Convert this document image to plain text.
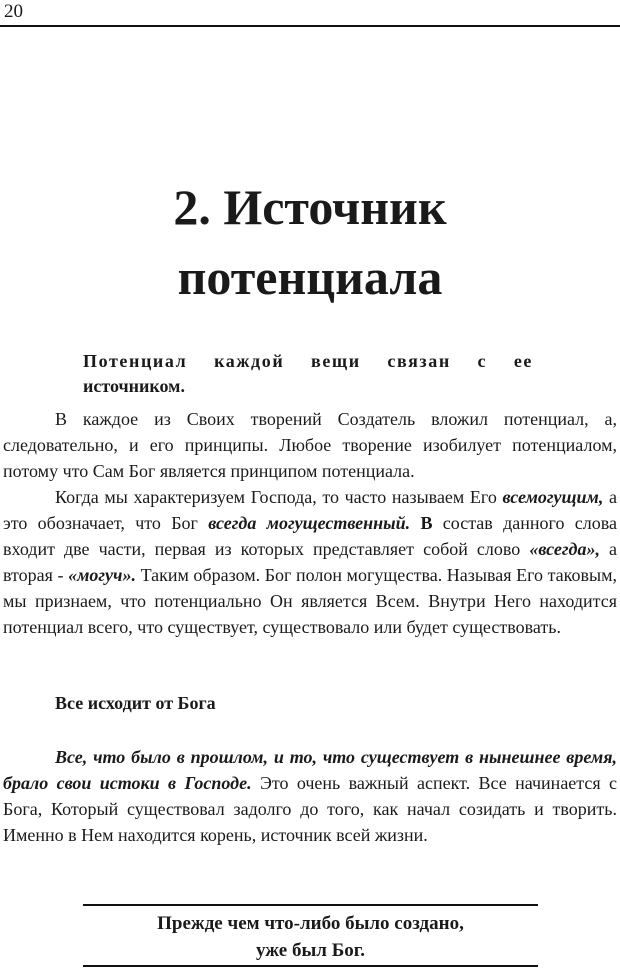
20
2. Источник
потенциала
Потенциал каждой вещи связан с ее
источником.

В каждое из Своих творений Создатель вложил потенциал, а, следовательно, и его принципы. Любое творение изобилует потенциалом, потому что Сам Бог является принципом потенциала.

Когда мы характеризуем Господа, то часто называем Его всемогущим, а это обозначает, что Бог всегда могущественный. В состав данного слова входит две части, первая из которых представляет собой слово «всегда», а вторая - «могуч». Таким образом. Бог полон могущества. Называя Его таковым, мы признаем, что потенциально Он является Всем. Внутри Него находится потенциал всего, что существует, существовало или будет существовать.

Все исходит от Бога

Все, что было в прошлом, и то, что существует в нынешнее время, брало свои истоки в Господе. Это очень важный аспект. Все начинается с Бога, Который существовал задолго до того, как начал созидать и творить. Именно в Нем находится корень, источник всей жизни.

Прежде чем что-либо было создано,
уже был Бог.
